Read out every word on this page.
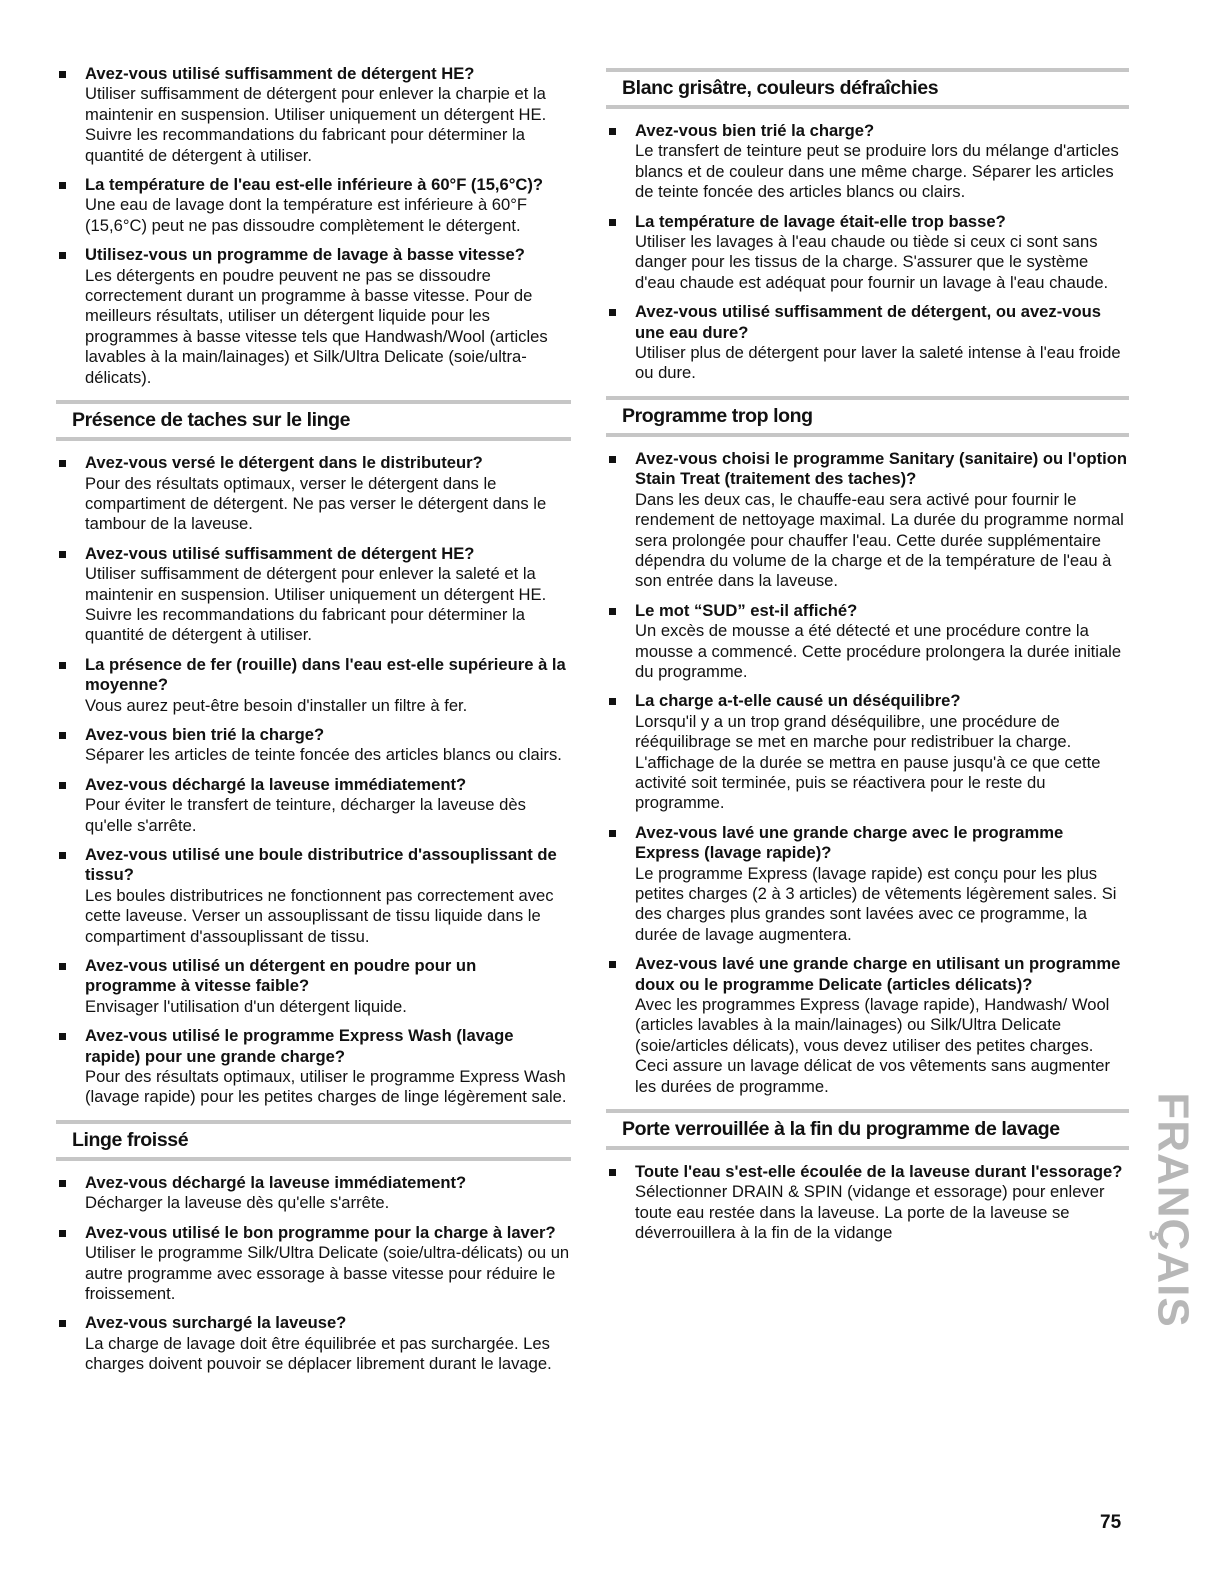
Avez-vous utilisé suffisamment de détergent HE?
Utiliser suffisamment de détergent pour enlever la charpie et la maintenir en suspension. Utiliser uniquement un détergent HE. Suivre les recommandations du fabricant pour déterminer la quantité de détergent à utiliser.
La température de l'eau est-elle inférieure à 60°F (15,6°C)?
Une eau de lavage dont la température est inférieure à 60°F (15,6°C) peut ne pas dissoudre complètement le détergent.
Utilisez-vous un programme de lavage à basse vitesse?
Les détergents en poudre peuvent ne pas se dissoudre correctement durant un programme à basse vitesse. Pour de meilleurs résultats, utiliser un détergent liquide pour les programmes à basse vitesse tels que Handwash/Wool (articles lavables à la main/lainages) et Silk/Ultra Delicate (soie/ultra-délicats).
Présence de taches sur le linge
Avez-vous versé le détergent dans le distributeur?
Pour des résultats optimaux, verser le détergent dans le compartiment de détergent. Ne pas verser le détergent dans le tambour de la laveuse.
Avez-vous utilisé suffisamment de détergent HE?
Utiliser suffisamment de détergent pour enlever la saleté et la maintenir en suspension. Utiliser uniquement un détergent HE. Suivre les recommandations du fabricant pour déterminer la quantité de détergent à utiliser.
La présence de fer (rouille) dans l'eau est-elle supérieure à la moyenne?
Vous aurez peut-être besoin d'installer un filtre à fer.
Avez-vous bien trié la charge?
Séparer les articles de teinte foncée des articles blancs ou clairs.
Avez-vous déchargé la laveuse immédiatement?
Pour éviter le transfert de teinture, décharger la laveuse dès qu'elle s'arrête.
Avez-vous utilisé une boule distributrice d'assouplissant de tissu?
Les boules distributrices ne fonctionnent pas correctement avec cette laveuse. Verser un assouplissant de tissu liquide dans le compartiment d'assouplissant de tissu.
Avez-vous utilisé un détergent en poudre pour un programme à vitesse faible?
Envisager l'utilisation d'un détergent liquide.
Avez-vous utilisé le programme Express Wash (lavage rapide) pour une grande charge?
Pour des résultats optimaux, utiliser le programme Express Wash (lavage rapide) pour les petites charges de linge légèrement sale.
Linge froissé
Avez-vous déchargé la laveuse immédiatement?
Décharger la laveuse dès qu'elle s'arrête.
Avez-vous utilisé le bon programme pour la charge à laver?
Utiliser le programme Silk/Ultra Delicate (soie/ultra-délicats) ou un autre programme avec essorage à basse vitesse pour réduire le froissement.
Avez-vous surchargé la laveuse?
La charge de lavage doit être équilibrée et pas surchargée. Les charges doivent pouvoir se déplacer librement durant le lavage.
Blanc grisâtre, couleurs défraîchies
Avez-vous bien trié la charge?
Le transfert de teinture peut se produire lors du mélange d'articles blancs et de couleur dans une même charge. Séparer les articles de teinte foncée des articles blancs ou clairs.
La température de lavage était-elle trop basse?
Utiliser les lavages à l'eau chaude ou tiède si ceux ci sont sans danger pour les tissus de la charge. S'assurer que le système d'eau chaude est adéquat pour fournir un lavage à l'eau chaude.
Avez-vous utilisé suffisamment de détergent, ou avez-vous une eau dure?
Utiliser plus de détergent pour laver la saleté intense à l'eau froide ou dure.
Programme trop long
Avez-vous choisi le programme Sanitary (sanitaire) ou l'option Stain Treat (traitement des taches)?
Dans les deux cas, le chauffe-eau sera activé pour fournir le rendement de nettoyage maximal. La durée du programme normal sera prolongée pour chauffer l'eau. Cette durée supplémentaire dépendra du volume de la charge et de la température de l'eau à son entrée dans la laveuse.
Le mot “SUD” est-il affiché?
Un excès de mousse a été détecté et une procédure contre la mousse a commencé. Cette procédure prolongera la durée initiale du programme.
La charge a-t-elle causé un déséquilibre?
Lorsqu'il y a un trop grand déséquilibre, une procédure de rééquilibrage se met en marche pour redistribuer la charge. L'affichage de la durée se mettra en pause jusqu'à ce que cette activité soit terminée, puis se réactivera pour le reste du programme.
Avez-vous lavé une grande charge avec le programme Express (lavage rapide)?
Le programme Express (lavage rapide) est conçu pour les plus petites charges (2 à 3 articles) de vêtements légèrement sales. Si des charges plus grandes sont lavées avec ce programme, la durée de lavage augmentera.
Avez-vous lavé une grande charge en utilisant un programme doux ou le programme Delicate (articles délicats)?
Avec les programmes Express (lavage rapide), Handwash/ Wool (articles lavables à la main/lainages) ou Silk/Ultra Delicate (soie/articles délicats), vous devez utiliser des petites charges. Ceci assure un lavage délicat de vos vêtements sans augmenter les durées de programme.
Porte verrouillée à la fin du programme de lavage
Toute l'eau s'est-elle écoulée de la laveuse durant l'essorage?
Sélectionner DRAIN & SPIN (vidange et essorage) pour enlever toute eau restée dans la laveuse. La porte de la laveuse se déverrouillera à la fin de la vidange	FRANÇAIS
75
